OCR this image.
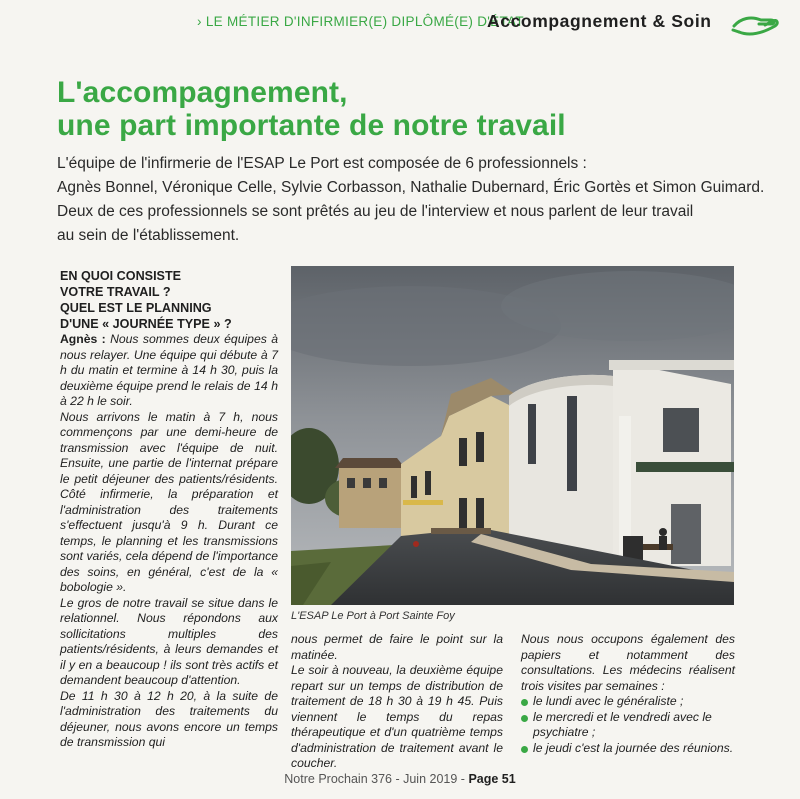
› LE MÉTIER D'INFIRMIER(E) DIPLÔMÉ(E) D'ÉTAT
Accompagnement & Soin
L'accompagnement,
une part importante de notre travail

L'équipe de l'infirmerie de l'ESAP Le Port est composée de 6 professionnels :

Agnès Bonnel, Véronique Celle, Sylvie Corbasson, Nathalie Dubernard, Éric Gortès et Simon Guimard.

Deux de ces professionnels se sont prêtés au jeu de l'interview et nous parlent de leur travail

au sein de l'établissement.

EN QUOI CONSISTE
VOTRE TRAVAIL ?
QUEL EST LE PLANNING
D'UNE « JOURNÉE TYPE » ?

Agnès : Nous sommes deux équipes à nous relayer. Une équipe qui débute à 7 h du matin et termine à 14 h 30, puis la deuxième équipe prend le relais de 14 h à 22 h le soir.

Nous arrivons le matin à 7 h, nous commençons par une demi-heure de transmission avec l'équipe de nuit. Ensuite, une partie de l'internat prépare le petit déjeuner des patients/résidents. Côté infirmerie, la préparation et l'administration des traitements s'effectuent jusqu'à 9 h. Durant ce temps, le planning et les transmissions sont variés, cela dépend de l'importance des soins, en général, c'est de la « bobologie ».

Le gros de notre travail se situe dans le relationnel. Nous répondons aux sollicitations multiples des patients/résidents, à leurs demandes et il y en a beaucoup ! ils sont très actifs et demandent beaucoup d'attention.

De 11 h 30 à 12 h 20, à la suite de l'administration des traitements du déjeuner, nous avons encore un temps de transmission qui

L'ESAP Le Port à Port Sainte Foy

nous permet de faire le point sur la matinée.

Le soir à nouveau, la deuxième équipe repart sur un temps de distribution de traitement de 18 h 30 à 19 h 45. Puis viennent le temps du repas thérapeutique et d'un quatrième temps d'administration de traitement avant le coucher.

Nous nous occupons également des papiers et notamment des consultations. Les médecins réalisent trois visites par semaines :

le lundi avec le généraliste ;
le mercredi et le vendredi avec le psychiatre ;
le jeudi c'est la journée des réunions.
Notre Prochain 376 - Juin 2019 - Page 51
